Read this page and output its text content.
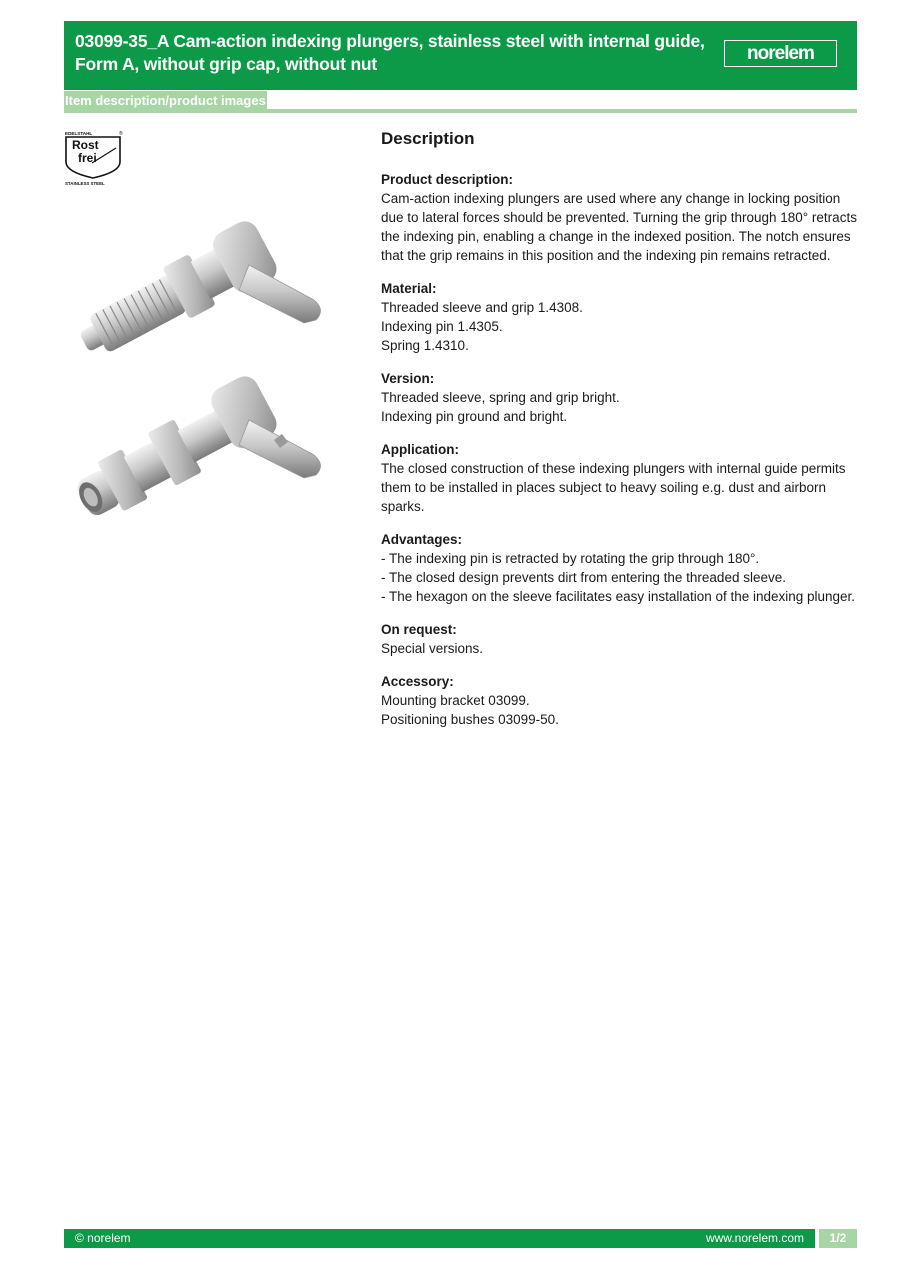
03099-35_A Cam-action indexing plungers, stainless steel with internal guide, Form A, without grip cap, without nut
norelem
Item description/product images
EDELSTAHL	®
Rost
frei
STAINLESS STEEL
Description
Product description:
Cam-action indexing plungers are used where any change in locking position due to lateral forces should be prevented. Turning the grip through 180° retracts the indexing pin, enabling a change in the indexed position. The notch ensures that the grip remains in this position and the indexing pin remains retracted.
Material:
Threaded sleeve and grip 1.4308.
Indexing pin 1.4305.
Spring 1.4310.
Version:
Threaded sleeve, spring and grip bright.
Indexing pin ground and bright.
Application:
The closed construction of these indexing plungers with internal guide permits them to be installed in places subject to heavy soiling e.g. dust and airborn sparks.
Advantages:
- The indexing pin is retracted by rotating the grip through 180°.
- The closed design prevents dirt from entering the threaded sleeve.
- The hexagon on the sleeve facilitates easy installation of the indexing plunger.
On request:
Special versions.
Accessory:
Mounting bracket 03099.
Positioning bushes 03099-50.
© norelem	www.norelem.com	1/2
